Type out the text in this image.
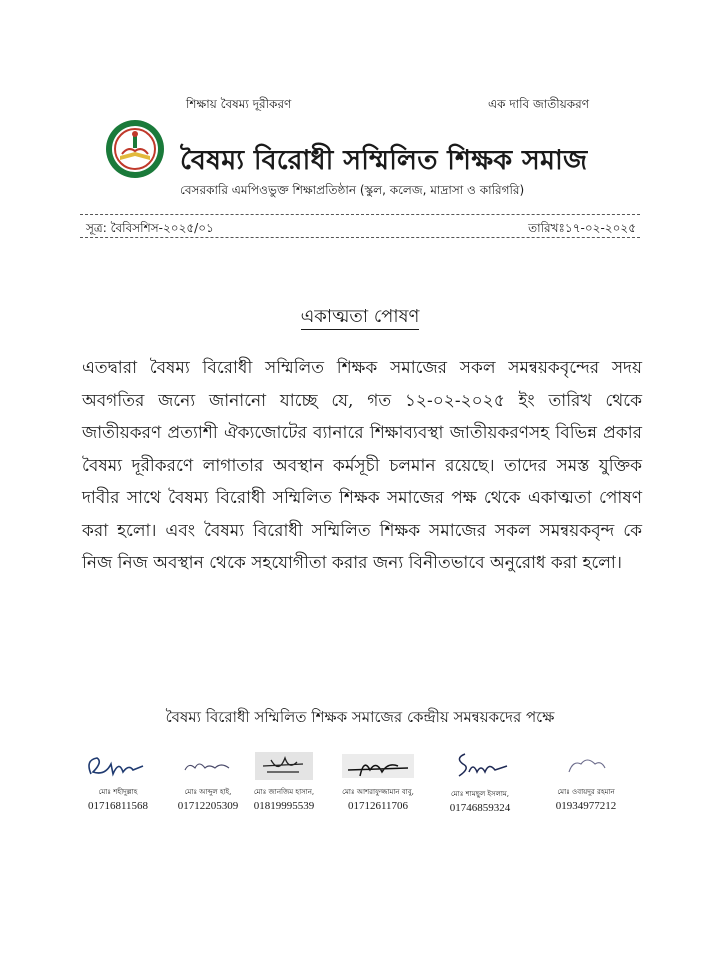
শিক্ষায় বৈষম্য দূরীকরণ	এক দাবি জাতীয়করণ
বৈষম্য বিরোধী সম্মিলিত শিক্ষক সমাজ
বেসরকারি এমপিওভুক্ত শিক্ষাপ্রতিষ্ঠান (স্কুল, কলেজ, মাদ্রাসা ও কারিগরি)
সূত্র: বৈবিসশিস-২০২৫/০১	তারিখঃ১৭-০২-২০২৫
একাত্মতা পোষণ
এতদ্বারা বৈষম্য বিরোধী সম্মিলিত শিক্ষক সমাজের সকল সমন্বয়কবৃন্দের সদয় অবগতির জন্যে জানানো যাচ্ছে যে, গত ১২-০২-২০২৫ ইং তারিখ থেকে জাতীয়করণ প্রত্যাশী ঐক্যজোটের ব্যানারে শিক্ষাব্যবস্থা জাতীয়করণসহ বিভিন্ন প্রকার বৈষম্য দূরীকরণে লাগাতার অবস্থান কর্মসূচী চলমান রয়েছে। তাদের সমস্ত যুক্তিক দাবীর সাথে বৈষম্য বিরোধী সম্মিলিত শিক্ষক সমাজের পক্ষ থেকে একাত্মতা পোষণ করা হলো। এবং বৈষম্য বিরোধী সম্মিলিত শিক্ষক সমাজের সকল সমন্বয়কবৃন্দ কে নিজ নিজ অবস্থান থেকে সহযোগীতা করার জন্য বিনীতভাবে অনুরোধ করা হলো।
বৈষম্য বিরোধী সম্মিলিত শিক্ষক সমাজের কেন্দ্রীয় সমন্বয়কদের পক্ষে
মোঃ শহীদুল্লাহ
01716811568
মোঃ আব্দুল হাই,
01712205309
মোঃ জানজিম হাসান,
01819995539
মোঃ আশরাফুজ্জামান বাবু,
01712611706
মোঃ শামছুল ইসলাম,
01746859324
মোঃ ওবায়দুর রহমান
01934977212
